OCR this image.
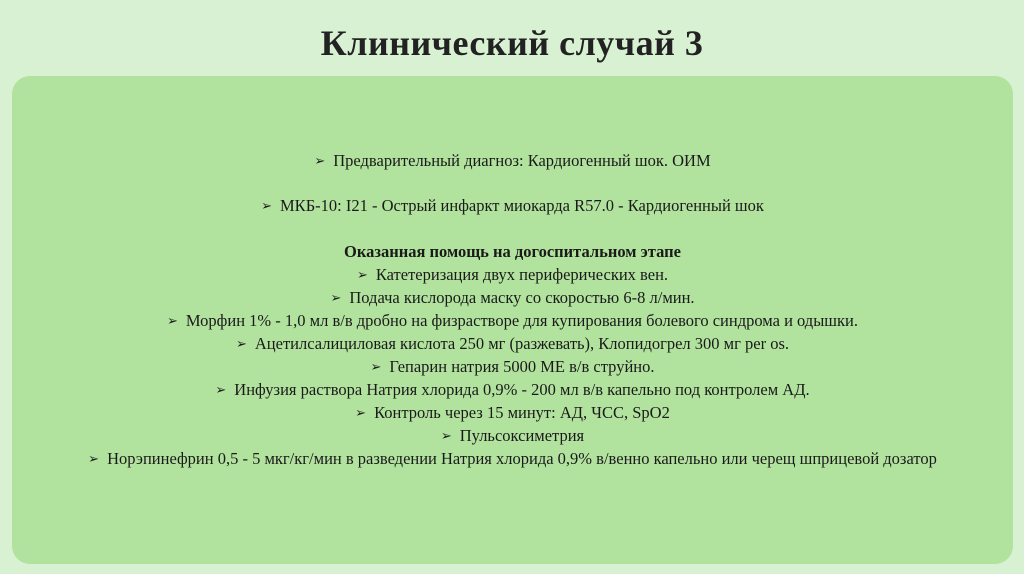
Клинический случай 3
➢ Предварительный диагноз: Кардиогенный шок. ОИМ
➢ МКБ-10: I21 - Острый инфаркт миокарда R57.0 - Кардиогенный шок
Оказанная помощь на догоспитальном этапе
➢ Катетеризация двух периферических вен.
➢ Подача кислорода маску со скоростью 6-8 л/мин.
➢ Морфин 1% - 1,0 мл в/в дробно на физрастворе для купирования болевого синдрома и одышки.
➢ Ацетилсалициловая кислота 250 мг (разжевать), Клопидогрел 300 мг per os.
➢ Гепарин натрия 5000 МЕ в/в струйно.
➢ Инфузия раствора Натрия хлорида 0,9% - 200 мл в/в капельно под контролем АД.
➢ Контроль через 15 минут: АД, ЧСС, SpO2
➢ Пульсоксиметрия
➢ Норэпинефрин 0,5 - 5 мкг/кг/мин в разведении Натрия хлорида 0,9% в/венно капельно или черещ шприцевой дозатор
